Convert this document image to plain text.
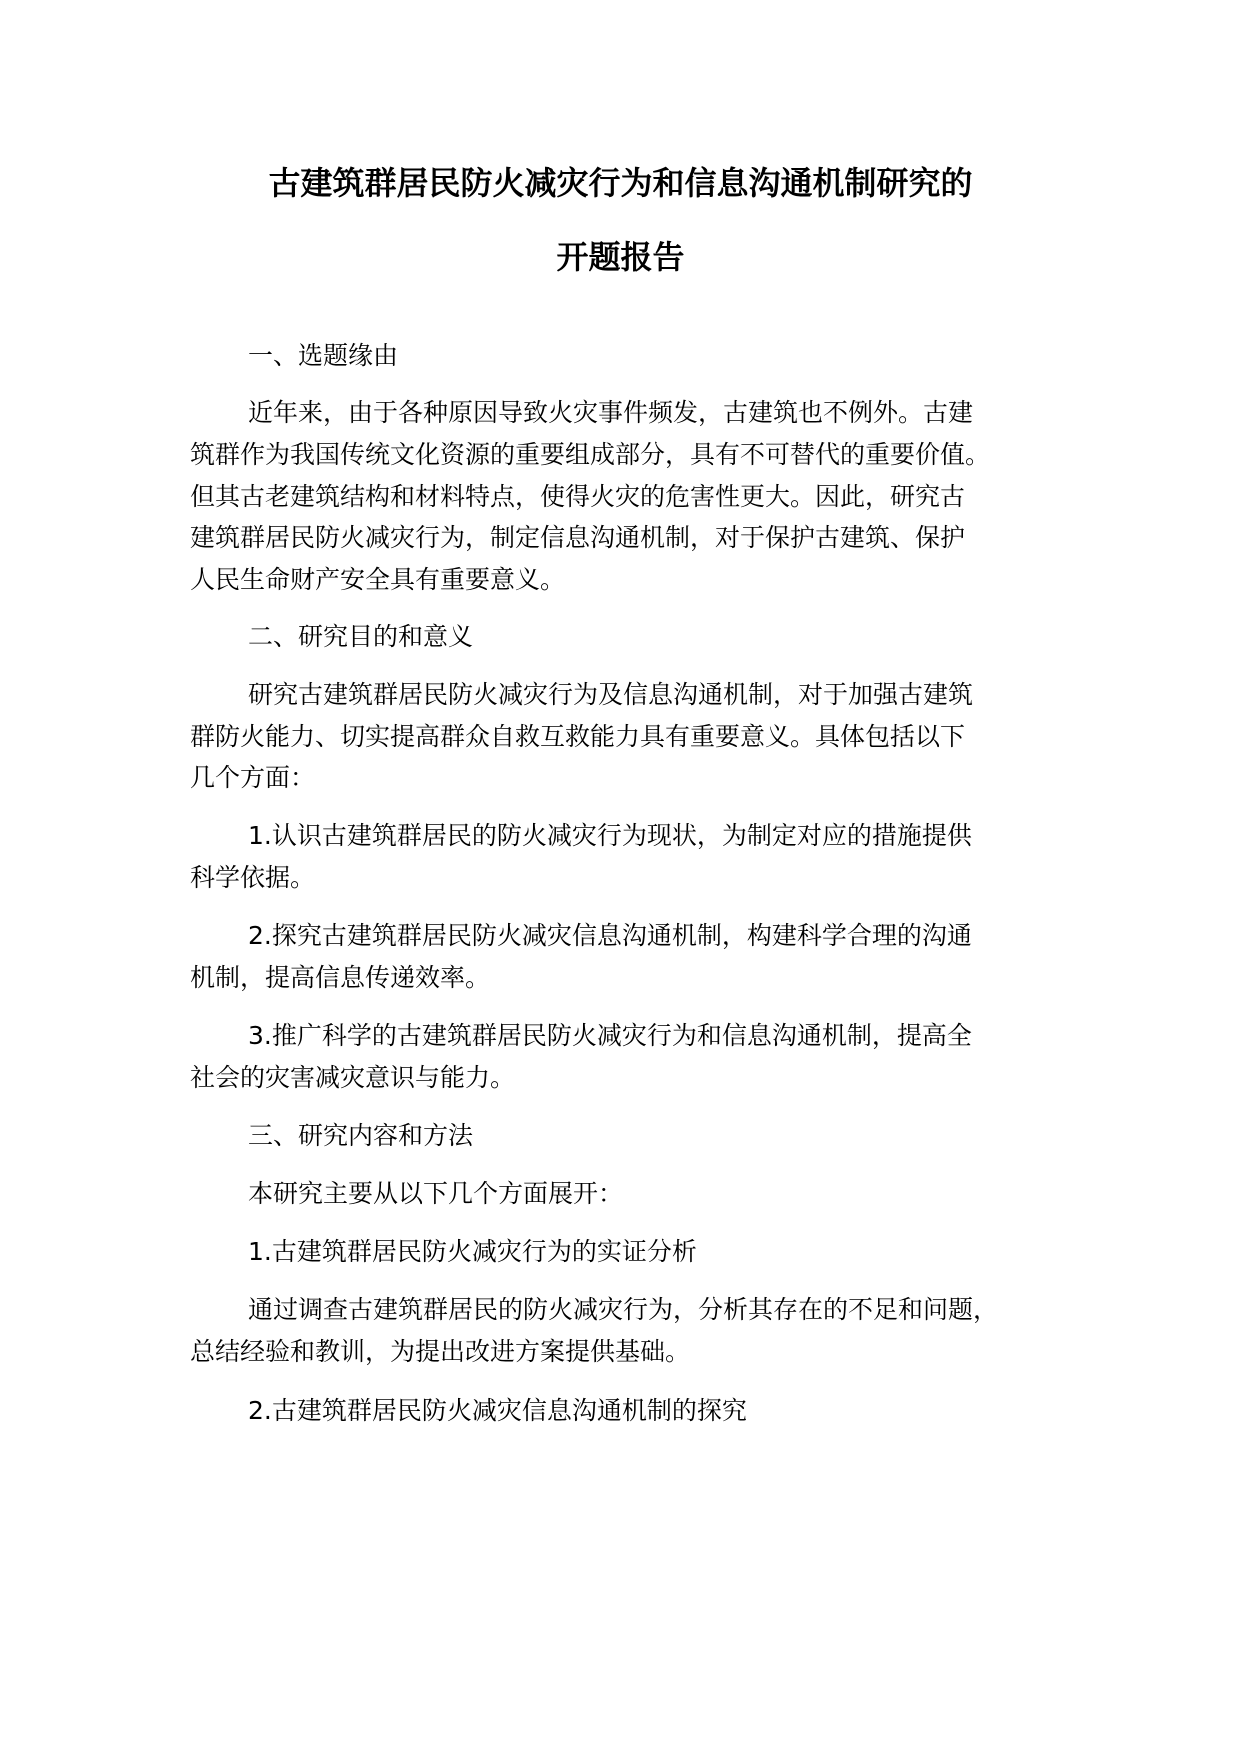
古建筑群居民防火减灾行为和信息沟通机制研究的
开题报告
一、选题缘由
近年来，由于各种原因导致火灾事件频发，古建筑也不例外。古建
筑群作为我国传统文化资源的重要组成部分，具有不可替代的重要价值。
但其古老建筑结构和材料特点，使得火灾的危害性更大。因此，研究古
建筑群居民防火减灾行为，制定信息沟通机制，对于保护古建筑、保护
人民生命财产安全具有重要意义。
二、研究目的和意义
研究古建筑群居民防火减灾行为及信息沟通机制，对于加强古建筑
群防火能力、切实提高群众自救互救能力具有重要意义。具体包括以下
几个方面：
1.认识古建筑群居民的防火减灾行为现状，为制定对应的措施提供
科学依据。
2.探究古建筑群居民防火减灾信息沟通机制，构建科学合理的沟通
机制，提高信息传递效率。
3.推广科学的古建筑群居民防火减灾行为和信息沟通机制，提高全
社会的灾害减灾意识与能力。
三、研究内容和方法
本研究主要从以下几个方面展开：
1.古建筑群居民防火减灾行为的实证分析
通过调查古建筑群居民的防火减灾行为，分析其存在的不足和问题，
总结经验和教训，为提出改进方案提供基础。
2.古建筑群居民防火减灾信息沟通机制的探究
